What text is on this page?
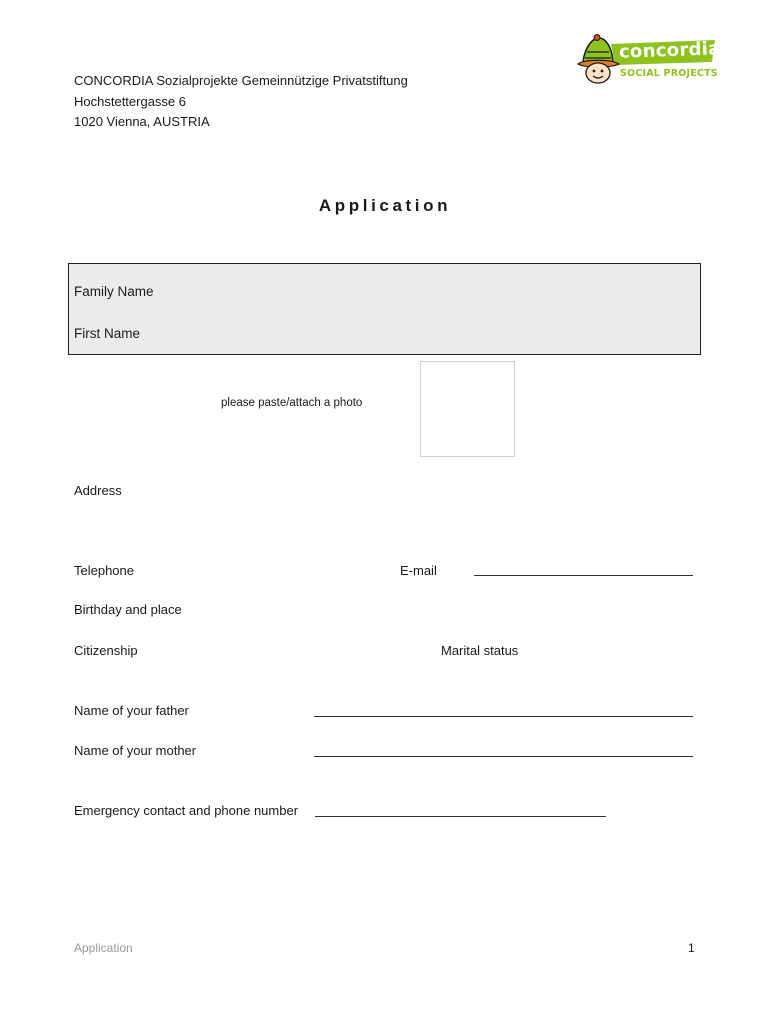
CONCORDIA Sozialprojekte Gemeinnützige Privatstiftung
Hochstettergasse 6
1020 Vienna, AUSTRIA
concordia
SOCIAL PROJECTS
Application
Family Name
First Name
please paste/attach a photo
Address
Telephone	E-mail
Birthday and place
Citizenship	Marital status
Name of your father
Name of your mother
Emergency contact and phone number
Application	1
